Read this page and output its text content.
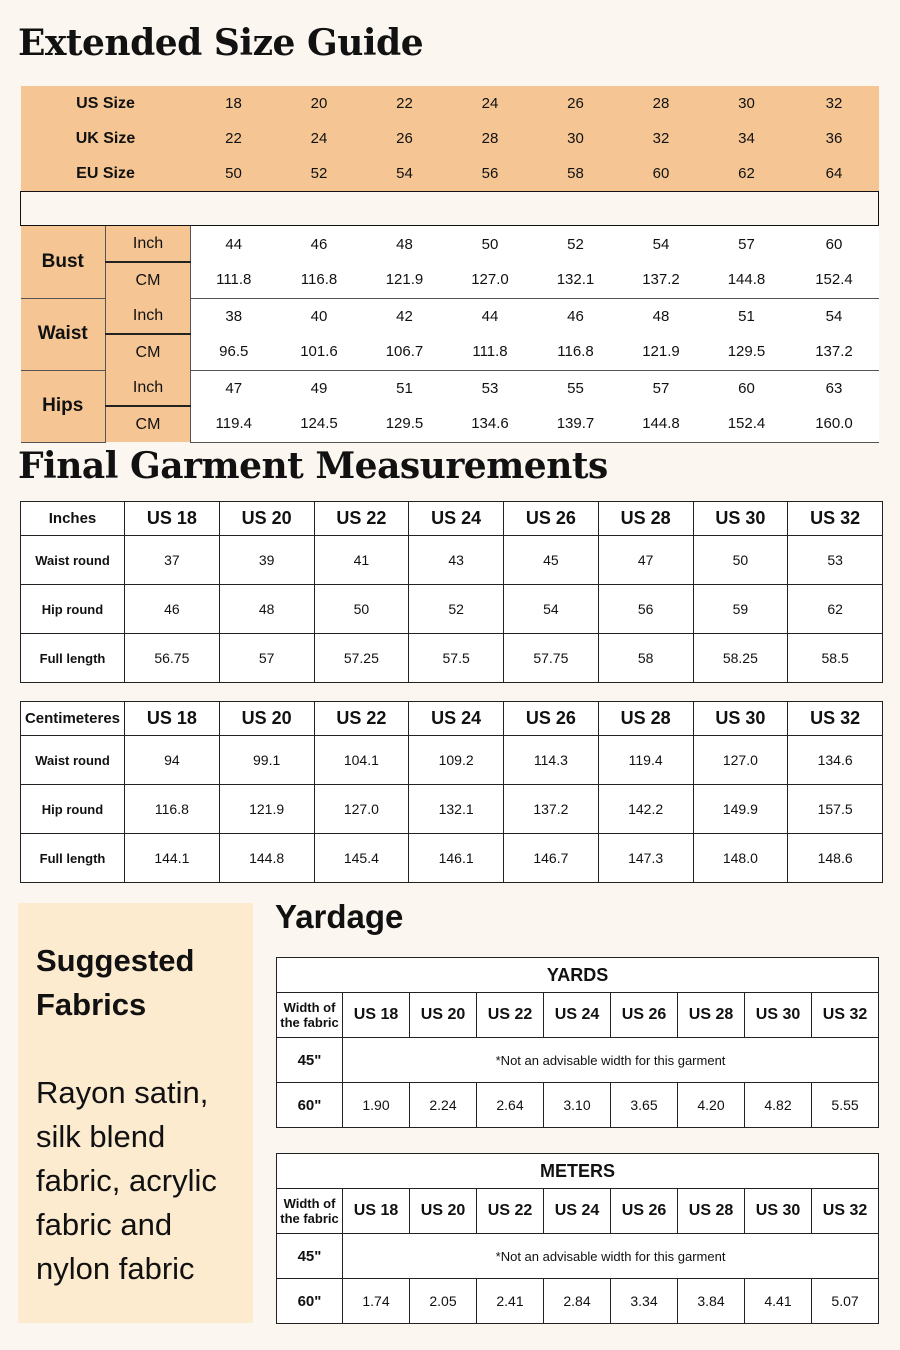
Extended Size Guide
US Size		18	20	22	24	26	28	30	32
UK Size		22	24	26	28	30	32	34	36
EU Size		50	52	54	56	58	60	62	64

Bust	Inch	44	46	48	50	52	54	57	60
	CM	111.8	116.8	121.9	127.0	132.1	137.2	144.8	152.4
Waist	Inch	38	40	42	44	46	48	51	54
	CM	96.5	101.6	106.7	111.8	116.8	121.9	129.5	137.2
Hips	Inch	47	49	51	53	55	57	60	63
	CM	119.4	124.5	129.5	134.6	139.7	144.8	152.4	160.0
Final Garment Measurements
Inches	US 18	US 20	US 22	US 24	US 26	US 28	US 30	US 32
Waist round	37	39	41	43	45	47	50	53
Hip round	46	48	50	52	54	56	59	62
Full length	56.75	57	57.25	57.5	57.75	58	58.25	58.5
Centimeteres	US 18	US 20	US 22	US 24	US 26	US 28	US 30	US 32
Waist round	94	99.1	104.1	109.2	114.3	119.4	127.0	134.6
Hip round	116.8	121.9	127.0	132.1	137.2	142.2	149.9	157.5
Full length	144.1	144.8	145.4	146.1	146.7	147.3	148.0	148.6
Suggested Fabrics
Rayon satin, silk blend fabric, acrylic fabric and nylon fabric
Yardage
YARDS								
Width of the fabric	US 18	US 20	US 22	US 24	US 26	US 28	US 30	US 32
45"	*Not an advisable width for this garment							
60"	1.90	2.24	2.64	3.10	3.65	4.20	4.82	5.55
METERS								
Width of the fabric	US 18	US 20	US 22	US 24	US 26	US 28	US 30	US 32
45"	*Not an advisable width for this garment							
60"	1.74	2.05	2.41	2.84	3.34	3.84	4.41	5.07
